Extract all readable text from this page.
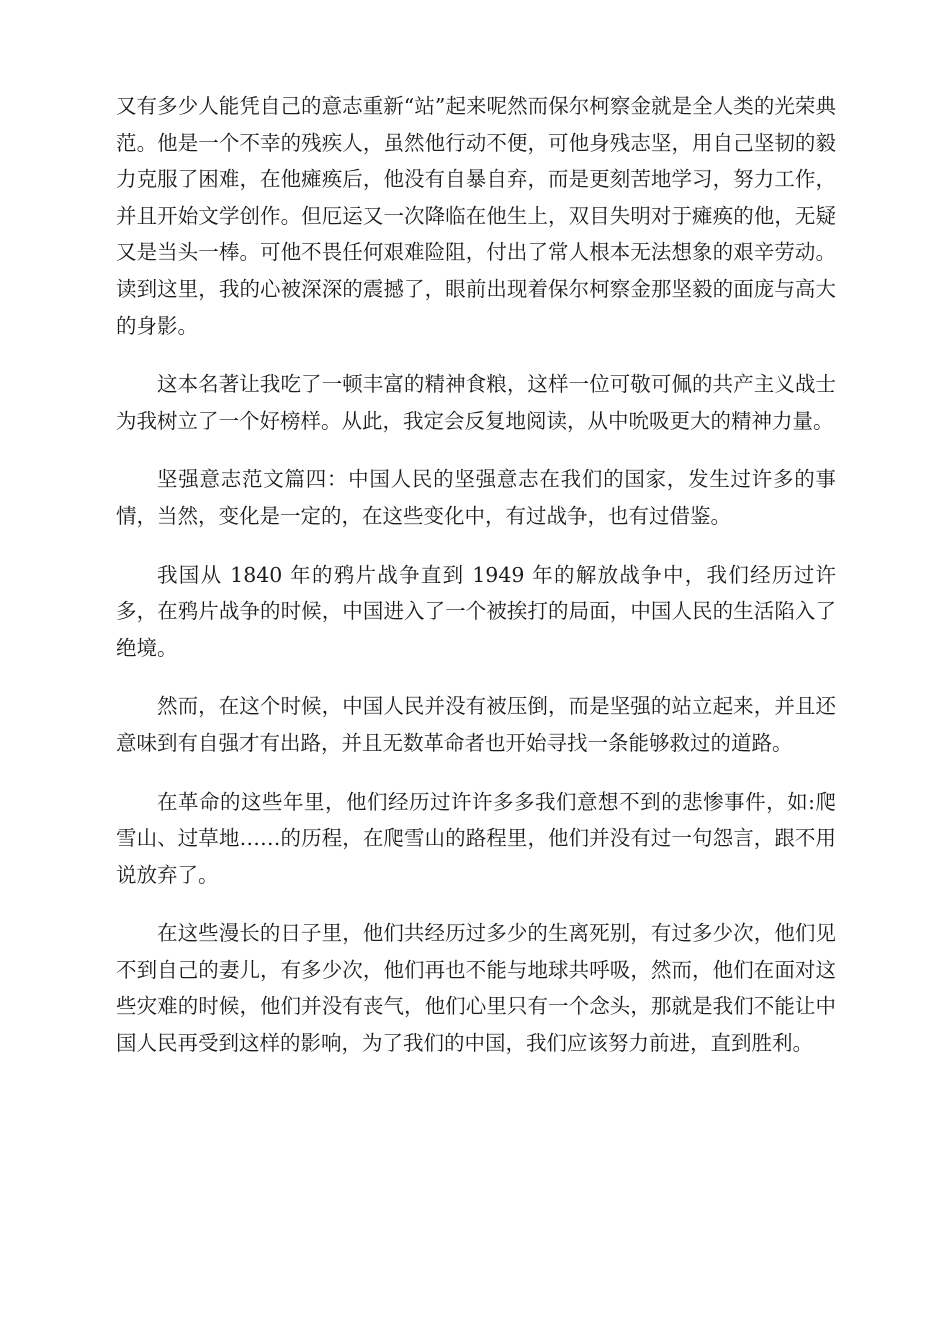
又有多少人能凭自己的意志重新“站”起来呢然而保尔柯察金就是全人类的光荣典范。他是一个不幸的残疾人，虽然他行动不便，可他身残志坚，用自己坚韧的毅力克服了困难，在他瘫痪后，他没有自暴自弃，而是更刻苦地学习，努力工作，并且开始文学创作。但厄运又一次降临在他生上，双目失明对于瘫痪的他，无疑又是当头一棒。可他不畏任何艰难险阻，付出了常人根本无法想象的艰辛劳动。读到这里，我的心被深深的震撼了，眼前出现着保尔柯察金那坚毅的面庞与高大的身影。

这本名著让我吃了一顿丰富的精神食粮，这样一位可敬可佩的共产主义战士为我树立了一个好榜样。从此，我定会反复地阅读，从中吮吸更大的精神力量。

坚强意志范文篇四：中国人民的坚强意志在我们的国家，发生过许多的事情，当然，变化是一定的，在这些变化中，有过战争，也有过借鉴。

我国从 1840 年的鸦片战争直到 1949 年的解放战争中，我们经历过许多，在鸦片战争的时候，中国进入了一个被挨打的局面，中国人民的生活陷入了绝境。

然而，在这个时候，中国人民并没有被压倒，而是坚强的站立起来，并且还意味到有自强才有出路，并且无数革命者也开始寻找一条能够救过的道路。

在革命的这些年里，他们经历过许许多多我们意想不到的悲惨事件，如:爬雪山、过草地……的历程，在爬雪山的路程里，他们并没有过一句怨言，跟不用说放弃了。

在这些漫长的日子里，他们共经历过多少的生离死别，有过多少次，他们见不到自己的妻儿，有多少次，他们再也不能与地球共呼吸，然而，他们在面对这些灾难的时候，他们并没有丧气，他们心里只有一个念头，那就是我们不能让中国人民再受到这样的影响，为了我们的中国，我们应该努力前进，直到胜利。
